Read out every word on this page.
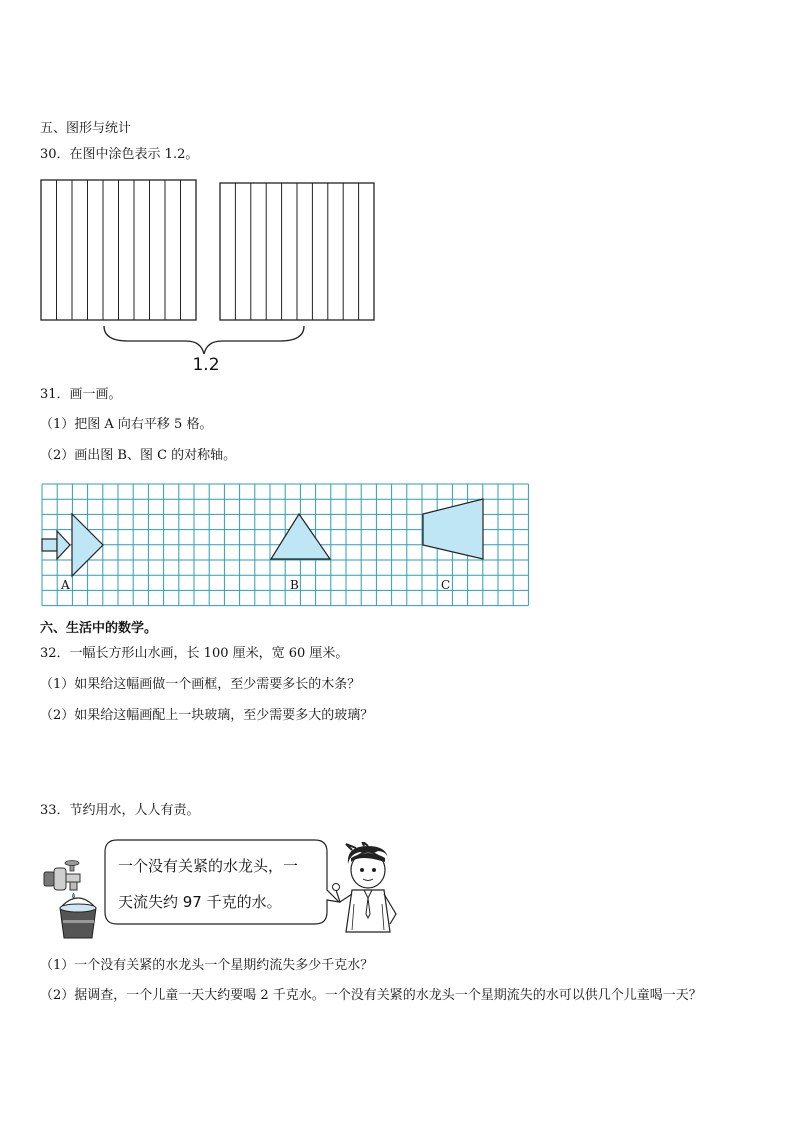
五、图形与统计
30．在图中涂色表示 1.2。
1.2
31．画一画。
（1）把图 A 向右平移 5 格。
（2）画出图 B、图 C 的对称轴。
A	B	C
六、生活中的数学。
32．一幅长方形山水画，长 100 厘米，宽 60 厘米。
（1）如果给这幅画做一个画框，至少需要多长的木条？
（2）如果给这幅画配上一块玻璃，至少需要多大的玻璃？
33．节约用水，人人有责。
一个没有关紧的水龙头，一
天流失约 97 千克的水。
（1）一个没有关紧的水龙头一个星期约流失多少千克水？
（2）据调查，一个儿童一天大约要喝 2 千克水。一个没有关紧的水龙头一个星期流失的水可以供几个儿童喝一天？
